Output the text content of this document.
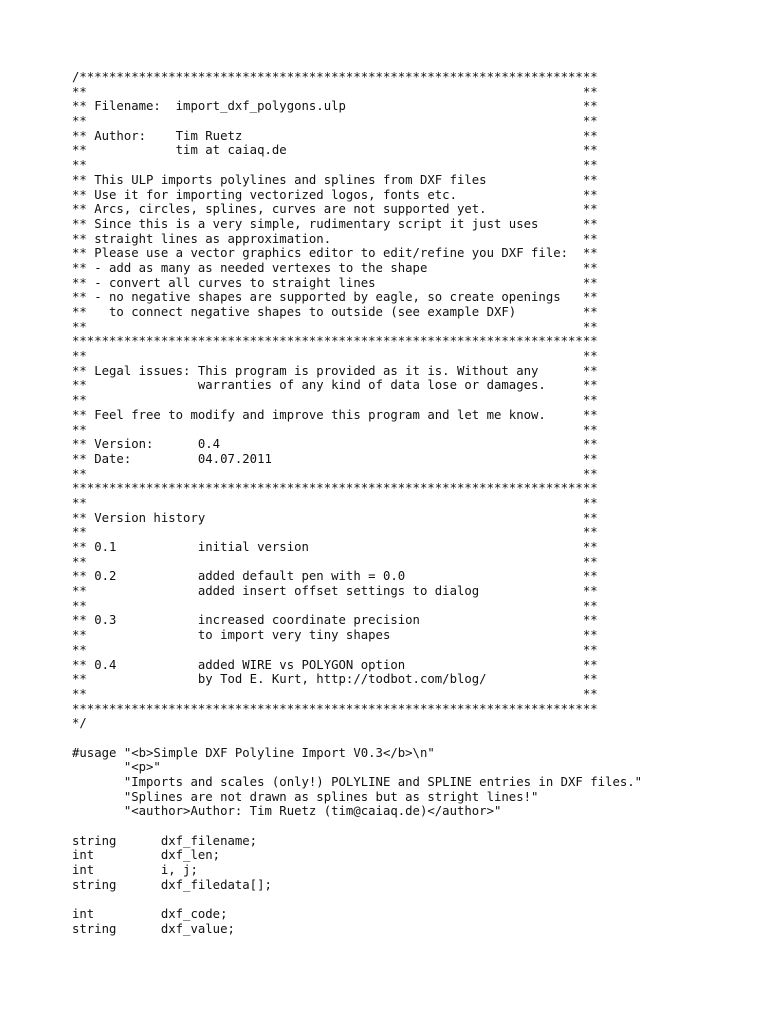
/**********************************************************************
**                                                                   **
** Filename:  import_dxf_polygons.ulp                                **
**                                                                   **
** Author:    Tim Ruetz                                              **
**            tim at caiaq.de                                        **
**                                                                   **
** This ULP imports polylines and splines from DXF files             **
** Use it for importing vectorized logos, fonts etc.                 **
** Arcs, circles, splines, curves are not supported yet.             **
** Since this is a very simple, rudimentary script it just uses      **
** straight lines as approximation.                                  **
** Please use a vector graphics editor to edit/refine you DXF file:  **
** - add as many as needed vertexes to the shape                     **
** - convert all curves to straight lines                            **
** - no negative shapes are supported by eagle, so create openings   **
**   to connect negative shapes to outside (see example DXF)         **
**                                                                   **
***********************************************************************
**                                                                   **
** Legal issues: This program is provided as it is. Without any      **
**               warranties of any kind of data lose or damages.     **
**                                                                   **
** Feel free to modify and improve this program and let me know.     **
**                                                                   **
** Version:      0.4                                                 **
** Date:         04.07.2011                                          **
**                                                                   **
***********************************************************************
**                                                                   **
** Version history                                                   **
**                                                                   **
** 0.1           initial version                                     **
**                                                                   **
** 0.2           added default pen with = 0.0                        **
**               added insert offset settings to dialog              **
**                                                                   **
** 0.3           increased coordinate precision                      **
**               to import very tiny shapes                          **
**                                                                   **
** 0.4           added WIRE vs POLYGON option                        **
**               by Tod E. Kurt, http://todbot.com/blog/             **
**                                                                   **
***********************************************************************
*/
#usage "<b>Simple DXF Polyline Import V0.3</b>\n"
"<p>"
"Imports and scales (only!) POLYLINE and SPLINE entries in DXF files."
"Splines are not drawn as splines but as stright lines!"
"<author>Author: Tim Ruetz (tim@caiaq.de)</author>"
string      dxf_filename;
int         dxf_len;
int         i, j;
string      dxf_filedata[];
int         dxf_code;
string      dxf_value;
